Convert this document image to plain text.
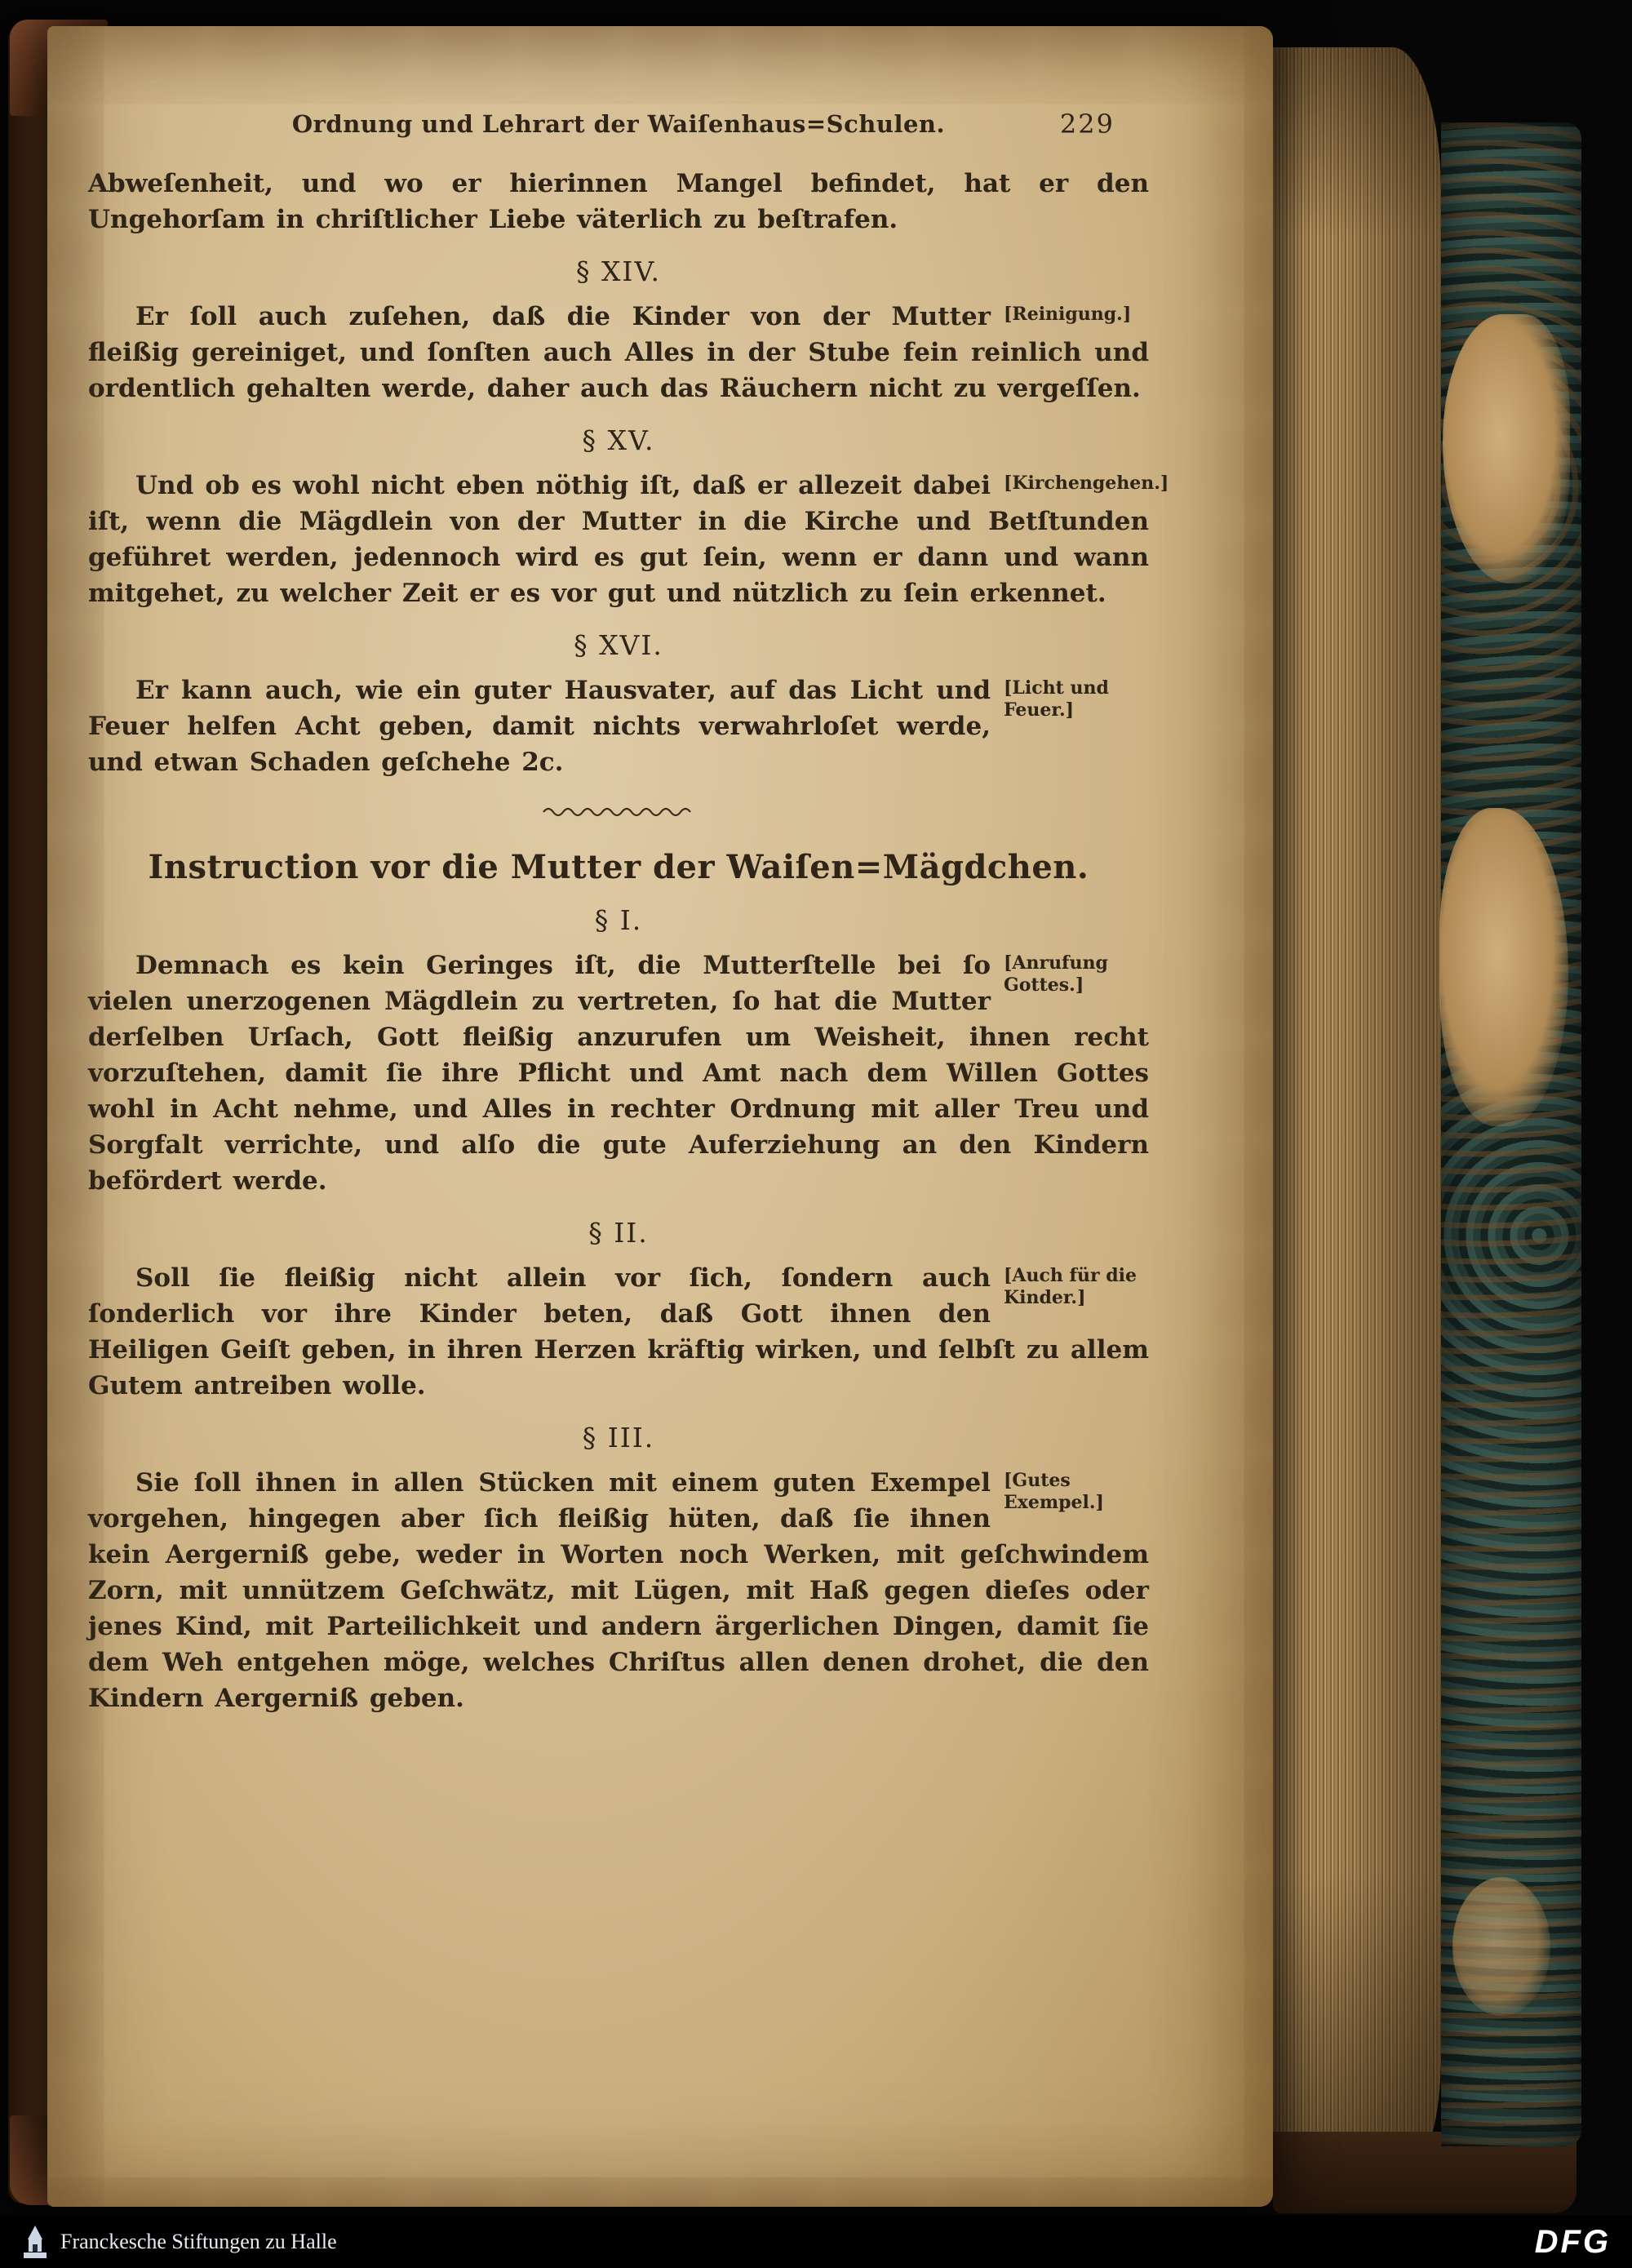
Ordnung und Lehrart der Waiſenhaus=Schulen.	229

Abweſenheit, und wo er hierinnen Mangel befindet, hat er den Ungehorſam in chriſtlicher Liebe väterlich zu beſtrafen.

§ XIV.

[Reinigung.]
Er ſoll auch zuſehen, daß die Kinder von der Mutter fleißig gereiniget, und ſonſten auch Alles in der Stube fein reinlich und ordentlich gehalten werde, daher auch das Räuchern nicht zu vergeſſen.

§ XV.

[Kirchengehen.]
Und ob es wohl nicht eben nöthig iſt, daß er allezeit dabei iſt, wenn die Mägdlein von der Mutter in die Kirche und Betſtunden geführet werden, jedennoch wird es gut ſein, wenn er dann und wann mitgehet, zu welcher Zeit er es vor gut und nützlich zu ſein erkennet.

§ XVI.

[Licht und Feuer.]
Er kann auch, wie ein guter Hausvater, auf das Licht und Feuer helfen Acht geben, damit nichts verwahrloſet werde, und etwan Schaden geſchehe 2c.

Instruction vor die Mutter der Waiſen=Mägdchen.
§ I.

[Anrufung Gottes.]
Demnach es kein Geringes iſt, die Mutterſtelle bei ſo vielen unerzogenen Mägdlein zu vertreten, ſo hat die Mutter derſelben Urſach, Gott fleißig anzurufen um Weisheit, ihnen recht vorzuſtehen, damit ſie ihre Pflicht und Amt nach dem Willen Gottes wohl in Acht nehme, und Alles in rechter Ordnung mit aller Treu und Sorgfalt verrichte, und alſo die gute Auferziehung an den Kindern befördert werde.

§ II.

[Auch für die Kinder.]
Soll ſie fleißig nicht allein vor ſich, ſondern auch ſonderlich vor ihre Kinder beten, daß Gott ihnen den Heiligen Geiſt geben, in ihren Herzen kräftig wirken, und ſelbſt zu allem Gutem antreiben wolle.

§ III.

[Gutes Exempel.]
Sie ſoll ihnen in allen Stücken mit einem guten Exempel vorgehen, hingegen aber ſich fleißig hüten, daß ſie ihnen kein Aergerniß gebe, weder in Worten noch Werken, mit geſchwindem Zorn, mit unnützem Geſchwätz, mit Lügen, mit Haß gegen dieſes oder jenes Kind, mit Parteilichkeit und andern ärgerlichen Dingen, damit ſie dem Weh entgehen möge, welches Chriſtus allen denen drohet, die den Kindern Aergerniß geben.

Franckesche Stiftungen zu Halle	DFG
